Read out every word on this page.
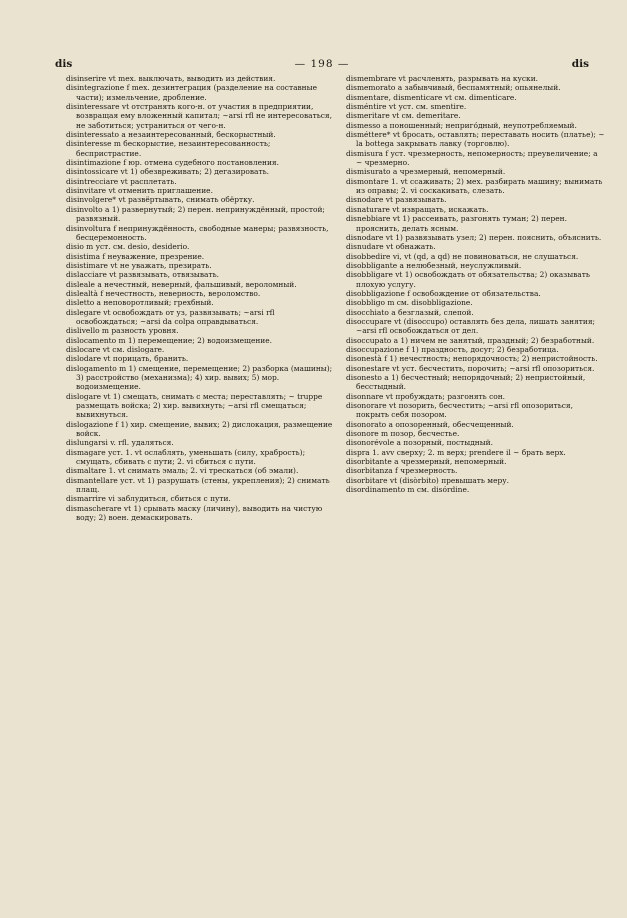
dis	— 198 —	dis

disinserire vt mex. выключать, выводить из действия.

disintegrazione f mex. дезинтеграция (разделение на составные части); измельчение, дробление.

disinteressare vt отстранять кого-н. от участия в предприятии, возвращая ему вложенный капитал; ~arsi rfl не интересоваться, не заботиться; устраниться от чего-н.

disinteressato a незаинтересованный, бескорыстный.

disinteresse m бескорыстие, незаинтересованность; беспристрастие.

disintimazione f юр. отмена судебного постановления.

disintossicare vt 1) обезвреживать; 2) дегазировать.

disintrecciare vt расплетать.

disinvitare vt отменить приглашение.

disinvolgere* vt развёртывать, снимать обёртку.

disinvolto a 1) развернутый; 2) перен. непринуждённый, простой; развязный.

disinvoltura f непринуждённость, свободные манеры; развязность, бесцеремонность.

disio m уст. см. desio, desiderio.

disistima f неуважение, презрение.

disistimare vt не уважать, презирать.

dislacciare vt развязывать, отвязывать.

disleale a нечестный, неверный, фальшивый, вероломный.

dislealtà f нечестность, неверность, вероломство.

disletto a неповоротливый; грехбный.

dislegare vt освобождать от уз, развязывать; ~arsi rfl освобождаться; ~arsi da colpa оправдываться.

dislivello m разность уровня.

dislocamento m 1) перемещение; 2) водоизмещение.

dislocare vt см. dislogare.

dislodare vt порицать, бранить.

dislogamento m 1) смещение, перемещение; 2) разборка (машины); 3) расстройство (механизма); 4) хир. вывих; 5) мор. водоизмещение.

dislogare vt 1) смещать, снимать с места; переставлять; ~ truppe размещать войска; 2) хир. вывихнуть; ~arsi rfl смещаться; вывихнуться.

dislogazione f 1) хир. смещение, вывих; 2) дислокация, размещение войск.

dislungarsi v. rfl. удаляться.

dismagare уст. 1. vt ослаблять, уменьшать (силу, храбрость); смущать, сбивать с пути; 2. vi сбиться с пути.

dismaltare 1. vt снимать эмаль; 2. vi трескаться (об эмали).

dismantellare уст. vt 1) разрушать (стены, укрепления); 2) снимать плащ.

dismarrire vi заблудиться, сбиться с пути.

dismascherare vt 1) срывать маску (личину), выводить на чистую воду; 2) воен. демаскировать.

dismembrare vt расчленять, разрывать на куски.

dismemorato a забывчивый, беспамятный; опьянелый.

dismentare, dismenticare vt см. dimenticare.

disméntire vt уст. см. smentire.

dismeritare vt см. demeritare.

dismesso a поношенный; неприго́дный, неупотребляемый.

disméttere* vt бросать, оставлять; переставать носить (платье); ~ la bottega закрывать лавку (торговлю).

dismisura f уст. чрезмерность, непомерность; преувеличение; a ~ чрезмерно.

dismisurato a чрезмерный, непомерный.

dismontare 1. vt ссаживать; 2) мех. разбирать машину; вынимать из оправы; 2. vi соскакивать, слезать.

disnodare vt развязывать.

disnaturare vt извращать, искажать.

disnebbiare vt 1) рассеивать, разгонять туман; 2) перен. прояснить, делать ясным.

disnodare vt 1) развязывать узел; 2) перен. пояснить, объяснить.

disnudare vt обнажать.

disobbedire vi, vt (qd, a qd) не повиноваться, не слушаться.

disobbligante a нелюбезный, неуслужливый.

disobbligare vt 1) освобождать от обязательства; 2) оказывать плохую услугу.

disobbligazione f освобождение от обязательства.

disobbligo m см. disobbligazione.

disocchiato a безглазый, слепой.

disoccupare vt (disoccupo) оставлять без дела, лишать занятия; ~arsi rfl освобождаться от дел.

disoccupato a 1) ничем не занятый, праздный; 2) безработный.

disoccupazione f 1) праздность, досуг; 2) безработица.

disonestà f 1) нечестность; непорядочность; 2) непристойность.

disonestare vt уст. бесчестить, порочить; ~arsi rfl опозориться.

disonesto a 1) бесчестный; непорядочный; 2) непристойный, бесстыдный.

disonnare vt пробуждать; разгонять сон.

disonorare vt позорить, бесчестить; ~arsi rfl опозориться, покрыть себя позором.

disonorato a опозоренный, обесчещенный.

disonore m позор, бесчестье.

disonorévole a позорный, постыдный.

dispra 1. avv сверху; 2. m верх; prendere il ~ брать верх.

disorbitante a чрезмерный, непомерный.

disorbitanza f чрезмерность.

disorbitare vt (disòrbito) превышать меру.

disordinamento m см. disórdine.
